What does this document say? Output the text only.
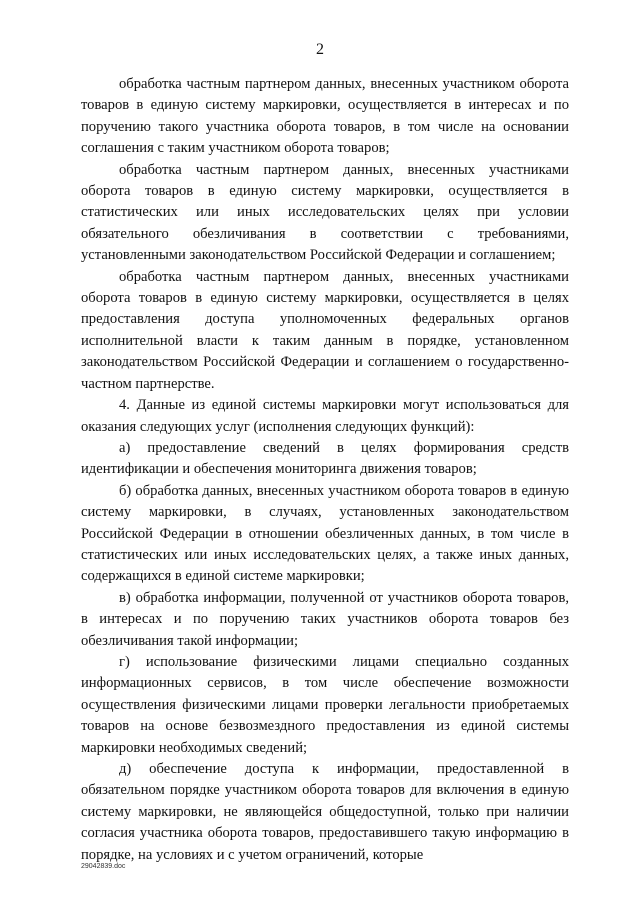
2

обработка частным партнером данных, внесенных участником оборота товаров в единую систему маркировки, осуществляется в интересах и по поручению такого участника оборота товаров, в том числе на основании соглашения с таким участником оборота товаров;

обработка частным партнером данных, внесенных участниками оборота товаров в единую систему маркировки, осуществляется в статистических или иных исследовательских целях при условии обязательного обезличивания в соответствии с требованиями, установленными законодательством Российской Федерации и соглашением;

обработка частным партнером данных, внесенных участниками оборота товаров в единую систему маркировки, осуществляется в целях предоставления доступа уполномоченных федеральных органов исполнительной власти к таким данным в порядке, установленном законодательством Российской Федерации и соглашением о государственно-частном партнерстве.

4. Данные из единой системы маркировки могут использоваться для оказания следующих услуг (исполнения следующих функций):

а) предоставление сведений в целях формирования средств идентификации и обеспечения мониторинга движения товаров;

б) обработка данных, внесенных участником оборота товаров в единую систему маркировки, в случаях, установленных законодательством Российской Федерации в отношении обезличенных данных, в том числе в статистических или иных исследовательских целях, а также иных данных, содержащихся в единой системе маркировки;

в) обработка информации, полученной от участников оборота товаров, в интересах и по поручению таких участников оборота товаров без обезличивания такой информации;

г) использование физическими лицами специально созданных информационных сервисов, в том числе обеспечение возможности осуществления физическими лицами проверки легальности приобретаемых товаров на основе безвозмездного предоставления из единой системы маркировки необходимых сведений;

д) обеспечение доступа к информации, предоставленной в обязательном порядке участником оборота товаров для включения в единую систему маркировки, не являющейся общедоступной, только при наличии согласия участника оборота товаров, предоставившего такую информацию в порядке, на условиях и с учетом ограничений, которые

29042839.doc
